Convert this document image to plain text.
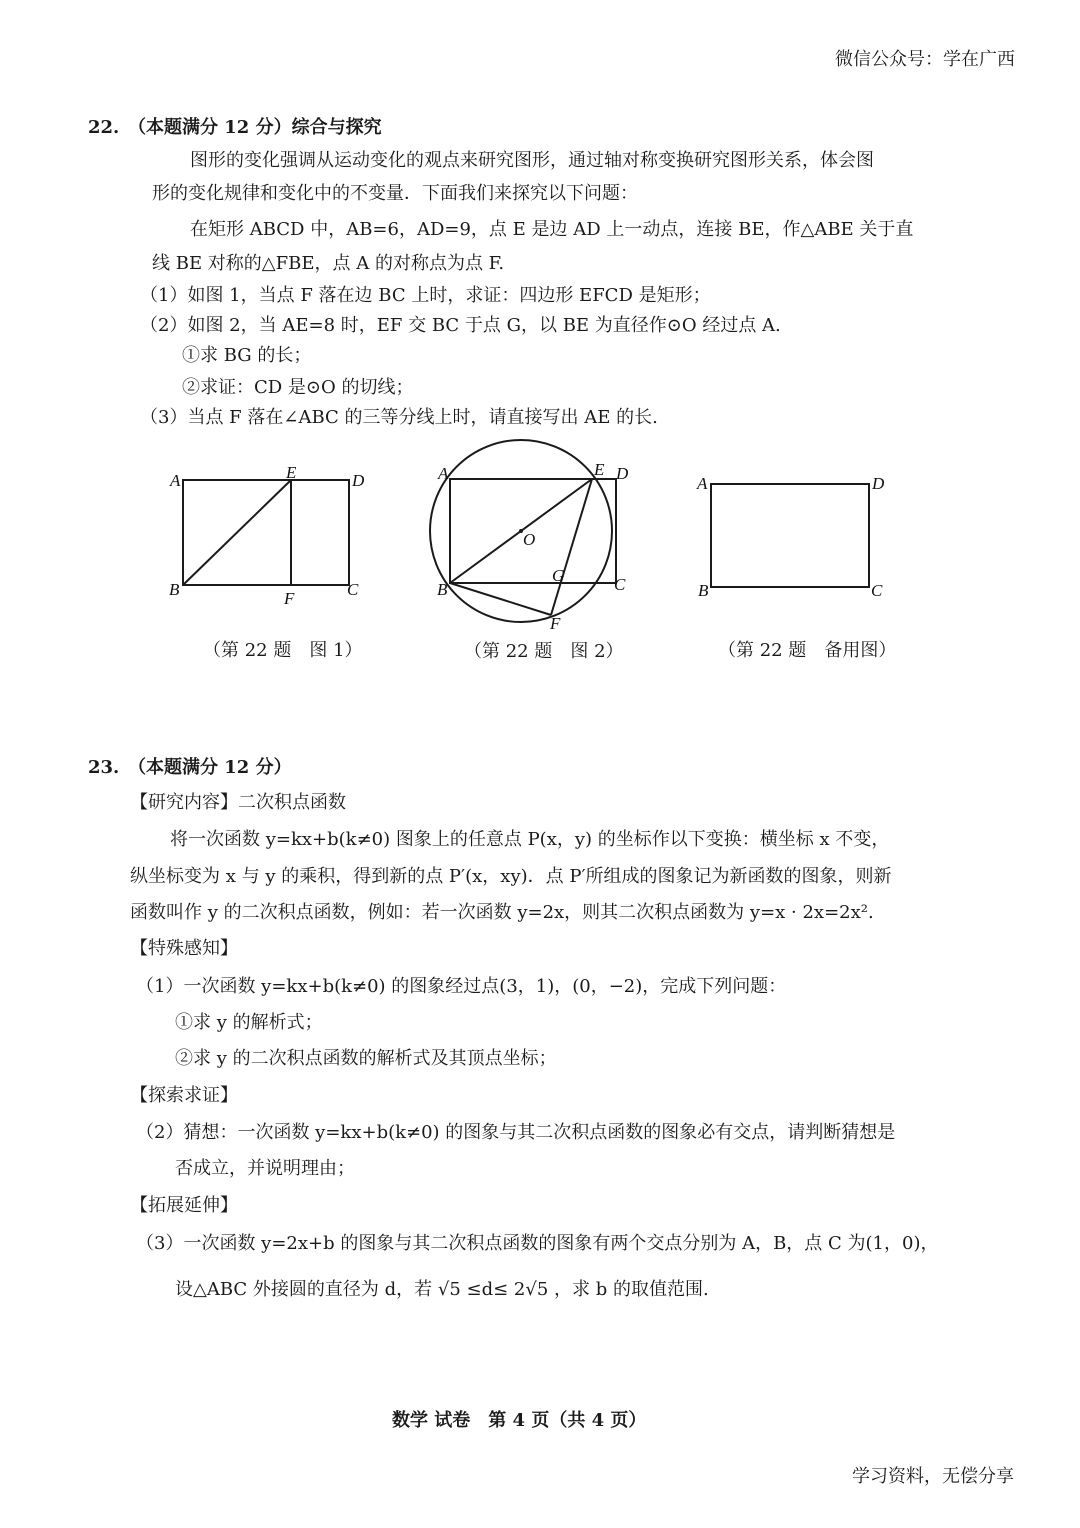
微信公众号：学在广西
22. （本题满分 12 分）综合与探究
图形的变化强调从运动变化的观点来研究图形，通过轴对称变换研究图形关系，体会图
形的变化规律和变化中的不变量．下面我们来探究以下问题：
在矩形 ABCD 中，AB=6，AD=9，点 E 是边 AD 上一动点，连接 BE，作△ABE 关于直
线 BE 对称的△FBE，点 A 的对称点为点 F.
（1）如图 1，当点 F 落在边 BC 上时，求证：四边形 EFCD 是矩形；
（2）如图 2，当 AE=8 时，EF 交 BC 于点 G，以 BE 为直径作⊙O 经过点 A.
①求 BG 的长；
②求证：CD 是⊙O 的切线；
（3）当点 F 落在∠ABC 的三等分线上时，请直接写出 AE 的长.
A	E	D
B	F	C
（第 22 题　图 1）
A	E D
O
G
B	C
F
（第 22 题　图 2）
A	D
B	C
（第 22 题　备用图）
23. （本题满分 12 分）
【研究内容】二次积点函数
将一次函数 y=kx+b(k≠0) 图象上的任意点 P(x，y) 的坐标作以下变换：横坐标 x 不变，
纵坐标变为 x 与 y 的乘积，得到新的点 P′(x，xy)．点 P′所组成的图象记为新函数的图象，则新
函数叫作 y 的二次积点函数，例如：若一次函数 y=2x，则其二次积点函数为 y=x · 2x=2x².
【特殊感知】
（1）一次函数 y=kx+b(k≠0) 的图象经过点(3，1)，(0，−2)，完成下列问题：
①求 y 的解析式；
②求 y 的二次积点函数的解析式及其顶点坐标；
【探索求证】
（2）猜想：一次函数 y=kx+b(k≠0) 的图象与其二次积点函数的图象必有交点，请判断猜想是
否成立，并说明理由；
【拓展延伸】
（3）一次函数 y=2x+b 的图象与其二次积点函数的图象有两个交点分别为 A，B，点 C 为(1，0)，
设△ABC 外接圆的直径为 d，若 √5 ≤d≤ 2√5 ，求 b 的取值范围.
数学 试卷　第 4 页（共 4 页）
学习资料，无偿分享
